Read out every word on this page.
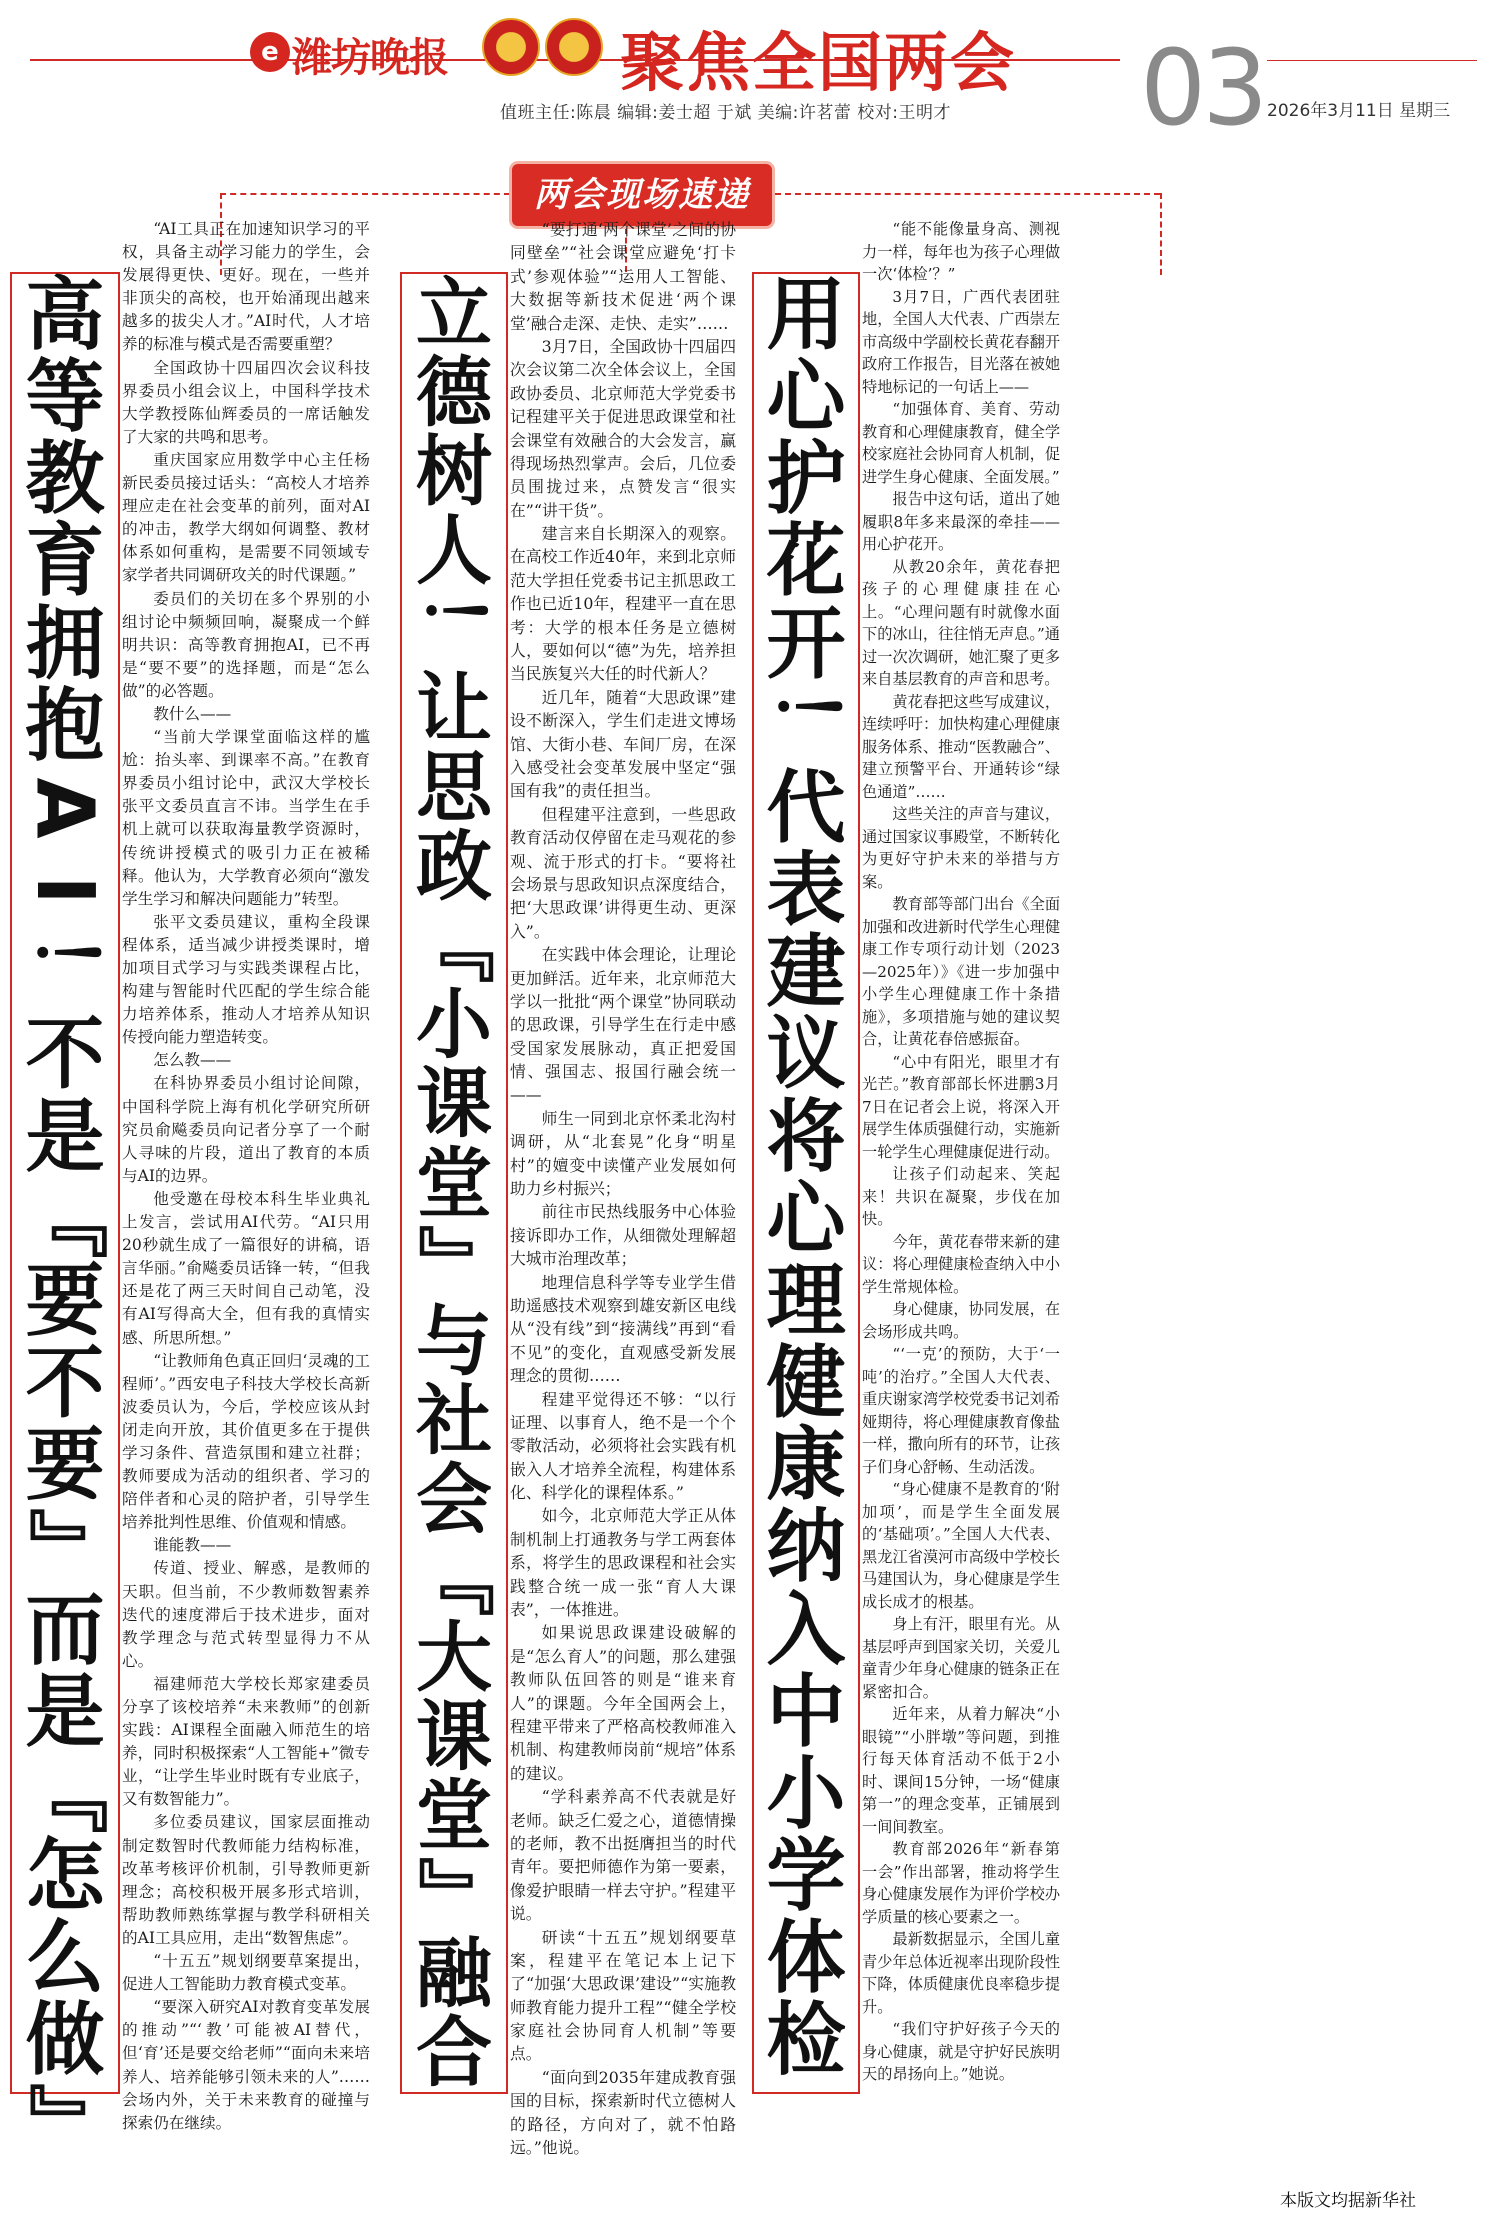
e 潍坊晚报	聚焦全国两会 03
值班主任:陈晨 编辑:姜士超 于斌 美编:许茗蕾 校对:王明才	2026年3月11日 星期三
两会现场速递
高
等
教
育
拥
抱
A
I
！
不
是
『
要
不
要
』
而
是
『
怎
么
做
』

“AI工具正在加速知识学习的平权，具备主动学习能力的学生，会发展得更快、更好。现在，一些并非顶尖的高校，也开始涌现出越来越多的拔尖人才。”AI时代，人才培养的标准与模式是否需要重塑？

全国政协十四届四次会议科技界委员小组会议上，中国科学技术大学教授陈仙辉委员的一席话触发了大家的共鸣和思考。

重庆国家应用数学中心主任杨新民委员接过话头：“高校人才培养理应走在社会变革的前列，面对AI的冲击，教学大纲如何调整、教材体系如何重构，是需要不同领域专家学者共同调研攻关的时代课题。”

委员们的关切在多个界别的小组讨论中频频回响，凝聚成一个鲜明共识：高等教育拥抱AI，已不再是“要不要”的选择题，而是“怎么做”的必答题。

教什么——

“当前大学课堂面临这样的尴尬：抬头率、到课率不高。”在教育界委员小组讨论中，武汉大学校长张平文委员直言不讳。当学生在手机上就可以获取海量教学资源时，传统讲授模式的吸引力正在被稀释。他认为，大学教育必须向“激发学生学习和解决问题能力”转型。

张平文委员建议，重构全段课程体系，适当减少讲授类课时，增加项目式学习与实践类课程占比，构建与智能时代匹配的学生综合能力培养体系，推动人才培养从知识传授向能力塑造转变。

怎么教——

在科协界委员小组讨论间隙，中国科学院上海有机化学研究所研究员俞飚委员向记者分享了一个耐人寻味的片段，道出了教育的本质与AI的边界。

他受邀在母校本科生毕业典礼上发言，尝试用AI代劳。“AI只用20秒就生成了一篇很好的讲稿，语言华丽。”俞飚委员话锋一转，“但我还是花了两三天时间自己动笔，没有AI写得高大全，但有我的真情实感、所思所想。”

“让教师角色真正回归‘灵魂的工程师’。”西安电子科技大学校长高新波委员认为，今后，学校应该从封闭走向开放，其价值更多在于提供学习条件、营造氛围和建立社群；教师要成为活动的组织者、学习的陪伴者和心灵的陪护者，引导学生培养批判性思维、价值观和情感。

谁能教——

传道、授业、解惑，是教师的天职。但当前，不少教师数智素养迭代的速度滞后于技术进步，面对教学理念与范式转型显得力不从心。

福建师范大学校长郑家建委员分享了该校培养“未来教师”的创新实践：AI课程全面融入师范生的培养，同时积极探索“人工智能+”微专业，“让学生毕业时既有专业底子，又有数智能力”。

多位委员建议，国家层面推动制定数智时代教师能力结构标准，改革考核评价机制，引导教师更新理念；高校积极开展多形式培训，帮助教师熟练掌握与教学科研相关的AI工具应用，走出“数智焦虑”。

“十五五”规划纲要草案提出，促进人工智能助力教育模式变革。

“要深入研究AI对教育变革发展的推动”“‘教’可能被AI替代，但‘育’还是要交给老师”“面向未来培养人、培养能够引领未来的人”……会场内外，关于未来教育的碰撞与探索仍在继续。

立
德
树
人
！
让
思
政
『
小
课
堂
』
与
社
会
『
大
课
堂
』
融
合

“要打通‘两个课堂’之间的协同壁垒”“社会课堂应避免‘打卡式’参观体验”“运用人工智能、大数据等新技术促进‘两个课堂’融合走深、走快、走实”……

3月7日，全国政协十四届四次会议第二次全体会议上，全国政协委员、北京师范大学党委书记程建平关于促进思政课堂和社会课堂有效融合的大会发言，赢得现场热烈掌声。会后，几位委员围拢过来，点赞发言“很实在”“讲干货”。

建言来自长期深入的观察。在高校工作近40年，来到北京师范大学担任党委书记主抓思政工作也已近10年，程建平一直在思考：大学的根本任务是立德树人，要如何以“德”为先，培养担当民族复兴大任的时代新人？

近几年，随着“大思政课”建设不断深入，学生们走进文博场馆、大街小巷、车间厂房，在深入感受社会变革发展中坚定“强国有我”的责任担当。

但程建平注意到，一些思政教育活动仅停留在走马观花的参观、流于形式的打卡。“要将社会场景与思政知识点深度结合，把‘大思政课’讲得更生动、更深入”。

在实践中体会理论，让理论更加鲜活。近年来，北京师范大学以一批批“两个课堂”协同联动的思政课，引导学生在行走中感受国家发展脉动，真正把爱国情、强国志、报国行融会统一——

师生一同到北京怀柔北沟村调研，从“北套晃”化身“明星村”的嬗变中读懂产业发展如何助力乡村振兴；

前往市民热线服务中心体验接诉即办工作，从细微处理解超大城市治理改革；

地理信息科学等专业学生借助遥感技术观察到雄安新区电线从“没有线”到“接满线”再到“看不见”的变化，直观感受新发展理念的贯彻……

程建平觉得还不够：“以行证理、以事育人，绝不是一个个零散活动，必须将社会实践有机嵌入人才培养全流程，构建体系化、科学化的课程体系。”

如今，北京师范大学正从体制机制上打通教务与学工两套体系，将学生的思政课程和社会实践整合统一成一张“育人大课表”，一体推进。

如果说思政课建设破解的是“怎么育人”的问题，那么建强教师队伍回答的则是“谁来育人”的课题。今年全国两会上，程建平带来了严格高校教师准入机制、构建教师岗前“规培”体系的建议。

“学科素养高不代表就是好老师。缺乏仁爱之心，道德情操的老师，教不出挺膺担当的时代青年。要把师德作为第一要素，像爱护眼睛一样去守护。”程建平说。

研读“十五五”规划纲要草案，程建平在笔记本上记下了“加强‘大思政课’建设”“实施教师教育能力提升工程”“健全学校家庭社会协同育人机制”等要点。

“面向到2035年建成教育强国的目标，探索新时代立德树人的路径，方向对了，就不怕路远。”他说。

用
心
护
花
开
！
代
表
建
议
将
心
理
健
康
纳
入
中
小
学
体
检

“能不能像量身高、测视力一样，每年也为孩子心理做一次‘体检’？”

3月7日，广西代表团驻地，全国人大代表、广西崇左市高级中学副校长黄花春翻开政府工作报告，目光落在被她特地标记的一句话上——

“加强体育、美育、劳动教育和心理健康教育，健全学校家庭社会协同育人机制，促进学生身心健康、全面发展。”

报告中这句话，道出了她履职8年多来最深的牵挂——用心护花开。

从教20余年，黄花春把孩子的心理健康挂在心上。“心理问题有时就像水面下的冰山，往往悄无声息。”通过一次次调研，她汇聚了更多来自基层教育的声音和思考。

黄花春把这些写成建议，连续呼吁：加快构建心理健康服务体系、推动“医教融合”、建立预警平台、开通转诊“绿色通道”……

这些关注的声音与建议，通过国家议事殿堂，不断转化为更好守护未来的举措与方案。

教育部等部门出台《全面加强和改进新时代学生心理健康工作专项行动计划（2023—2025年）》《进一步加强中小学生心理健康工作十条措施》，多项措施与她的建议契合，让黄花春倍感振奋。

“心中有阳光，眼里才有光芒。”教育部部长怀进鹏3月7日在记者会上说，将深入开展学生体质强健行动，实施新一轮学生心理健康促进行动。

让孩子们动起来、笑起来！共识在凝聚，步伐在加快。

今年，黄花春带来新的建议：将心理健康检查纳入中小学生常规体检。

身心健康，协同发展，在会场形成共鸣。

“‘一克’的预防，大于‘一吨’的治疗。”全国人大代表、重庆谢家湾学校党委书记刘希娅期待，将心理健康教育像盐一样，撒向所有的环节，让孩子们身心舒畅、生动活泼。

“身心健康不是教育的‘附加项’，而是学生全面发展的‘基础项’。”全国人大代表、黑龙江省漠河市高级中学校长马建国认为，身心健康是学生成长成才的根基。

身上有汗，眼里有光。从基层呼声到国家关切，关爱儿童青少年身心健康的链条正在紧密扣合。

近年来，从着力解决“小眼镜”“小胖墩”等问题，到推行每天体育活动不低于2小时、课间15分钟，一场“健康第一”的理念变革，正铺展到一间间教室。

教育部2026年“新春第一会”作出部署，推动将学生身心健康发展作为评价学校办学质量的核心要素之一。

最新数据显示，全国儿童青少年总体近视率出现阶段性下降，体质健康优良率稳步提升。

“我们守护好孩子今天的身心健康，就是守护好民族明天的昂扬向上。”她说。

本版文均据新华社
